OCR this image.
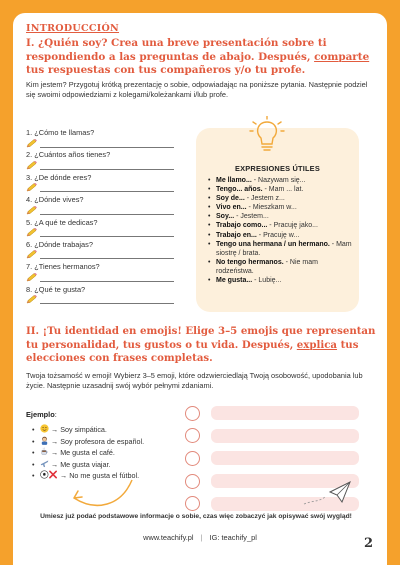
INTRODUCCIÓN
I. ¿Quién soy? Crea una breve presentación sobre ti respondiendo a las preguntas de abajo. Después, comparte tus respuestas con tus compañeros y/o tu profe.
Kim jestem? Przygotuj krótką prezentację o sobie, odpowiadając na poniższe pytania. Następnie podziel się swoimi odpowiedziami z kolegami/koleżankami i/lub profe.
1. ¿Cómo te llamas?
2. ¿Cuántos años tienes?
3. ¿De dónde eres?
4. ¿Dónde vives?
5. ¿A qué te dedicas?
6. ¿Dónde trabajas?
7. ¿Tienes hermanos?
8. ¿Qué te gusta?
EXPRESIONES ÚTILES
• Me llamo... - Nazywam się...
• Tengo... años. - Mam ... lat.
• Soy de... - Jestem z...
• Vivo en... - Mieszkam w...
• Soy... - Jestem...
• Trabajo como... - Pracuję jako...
• Trabajo en... - Pracuję w...
• Tengo una hermana / un hermano. - Mam siostrę / brata.
• No tengo hermanos. - Nie mam rodzeństwa.
• Me gusta... - Lubię...
II. ¡Tu identidad en emojis! Elige 3–5 emojis que representan tu personalidad, tus gustos o tu vida. Después, explica tus elecciones con frases completas.
Twoja tożsamość w emoji! Wybierz 3–5 emoji, które odzwierciedlają Twoją osobowość, upodobania lub życie. Następnie uzasadnij swój wybór pełnymi zdaniami.
Ejemplo:
• → Soy simpática.
• → Soy profesora de español.
• → Me gusta el café.
• → Me gusta viajar.
•	→ No me gusta el fútbol.
Umiesz już podać podstawowe informacje o sobie, czas więc zobaczyć jak opisywać swój wygląd!
www.teachify.pl | IG: teachify_pl	2
